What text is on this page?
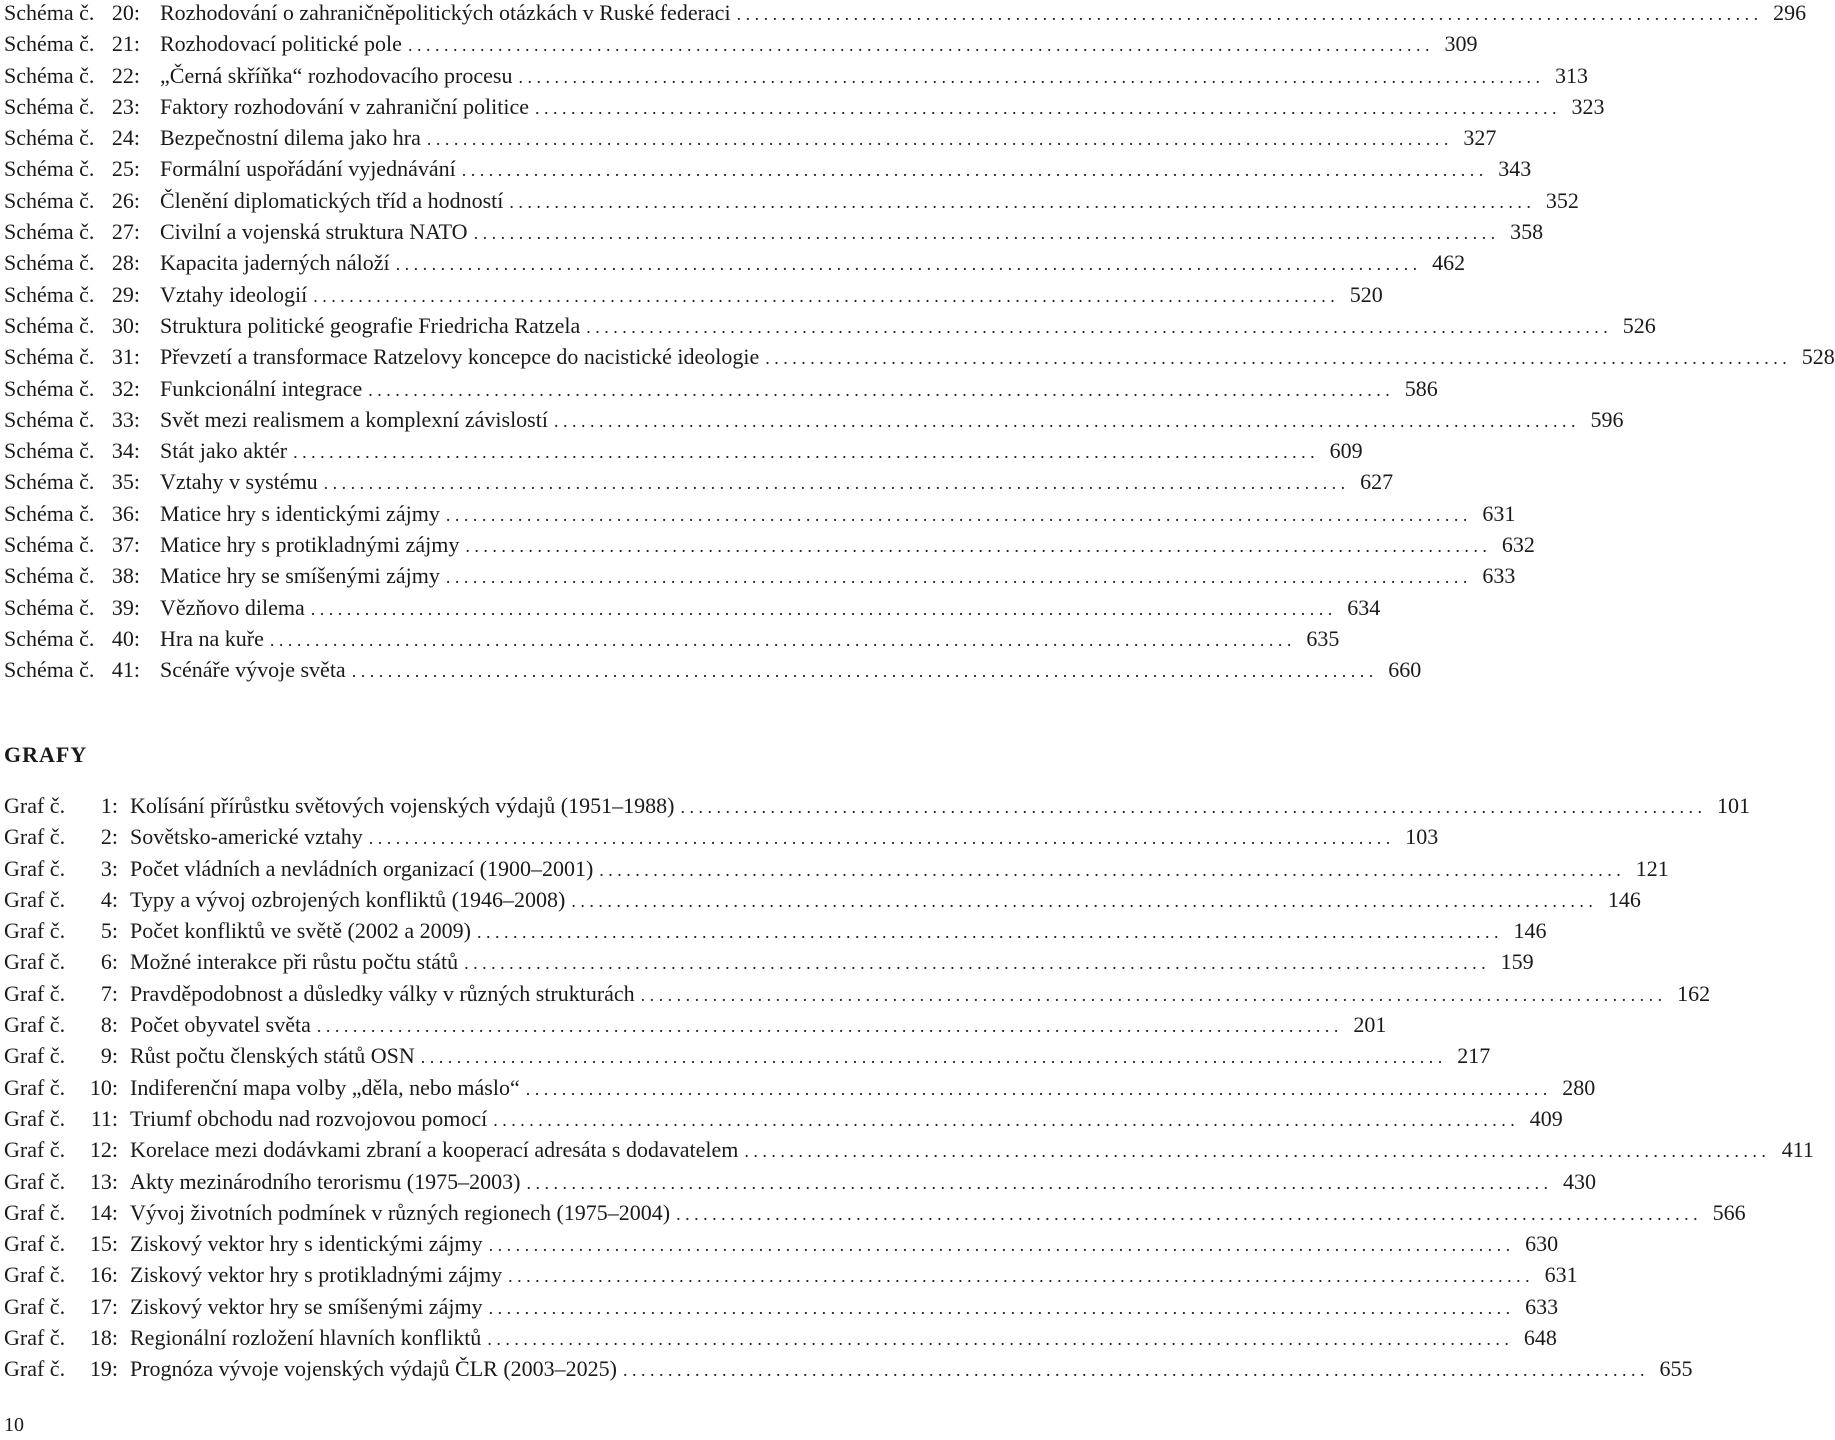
Schéma č. 20: Rozhodování o zahraničněpolitických otázkách v Ruské federaci . . .	296
Schéma č. 21: Rozhodovací politické pole . . .	309
Schéma č. 22: „Černá skříňka“ rozhodovacího procesu . . .	313
Schéma č. 23: Faktory rozhodování v zahraniční politice . . .	323
Schéma č. 24: Bezpečnostní dilema jako hra . . .	327
Schéma č. 25: Formální uspořádání vyjednávání . . .	343
Schéma č. 26: Členění diplomatických tříd a hodností . . .	352
Schéma č. 27: Civilní a vojenská struktura NATO . . .	358
Schéma č. 28: Kapacita jaderných náloží . . .	462
Schéma č. 29: Vztahy ideologií . . .	520
Schéma č. 30: Struktura politické geografie Friedricha Ratzela . . .	526
Schéma č. 31: Převzetí a transformace Ratzelovy koncepce do nacistické ideologie . . .	528
Schéma č. 32: Funkcionální integrace . . .	586
Schéma č. 33: Svět mezi realismem a komplexní závislostí . . .	596
Schéma č. 34: Stát jako aktér . . .	609
Schéma č. 35: Vztahy v systému . . .	627
Schéma č. 36: Matice hry s identickými zájmy . . .	631
Schéma č. 37: Matice hry s protikladnými zájmy . . .	632
Schéma č. 38: Matice hry se smíšenými zájmy . . .	633
Schéma č. 39: Vězňovo dilema . . .	634
Schéma č. 40: Hra na kuře . . .	635
Schéma č. 41: Scénáře vývoje světa . . .	660
GRAFY
Graf č.	1: Kolísání přírůstku světových vojenských výdajů (1951–1988) . . .	101
Graf č.	2: Sovětsko-americké vztahy . . .	103
Graf č.	3: Počet vládních a nevládních organizací (1900–2001) . . .	121
Graf č.	4: Typy a vývoj ozbrojených konfliktů (1946–2008) . . .	146
Graf č.	5: Počet konfliktů ve světě (2002 a 2009) . . .	146
Graf č.	6: Možné interakce při růstu počtu států . . .	159
Graf č.	7: Pravděpodobnost a důsledky války v různých strukturách . . .	162
Graf č.	8: Počet obyvatel světa . . .	201
Graf č.	9: Růst počtu členských států OSN . . .	217
Graf č.	10: Indiferenční mapa volby „děla, nebo máslo“ . . .	280
Graf č.	11: Triumf obchodu nad rozvojovou pomocí . . .	409
Graf č.	12: Korelace mezi dodávkami zbraní a kooperací adresáta s dodavatelem . . .	411
Graf č.	13: Akty mezinárodního terorismu (1975–2003) . . .	430
Graf č.	14: Vývoj životních podmínek v různých regionech (1975–2004) . . .	566
Graf č.	15: Ziskový vektor hry s identickými zájmy . . .	630
Graf č.	16: Ziskový vektor hry s protikladnými zájmy . . .	631
Graf č.	17: Ziskový vektor hry se smíšenými zájmy . . .	633
Graf č.	18: Regionální rozložení hlavních konfliktů . . .	648
Graf č.	19: Prognóza vývoje vojenských výdajů ČLR (2003–2025) . . .	655
10
